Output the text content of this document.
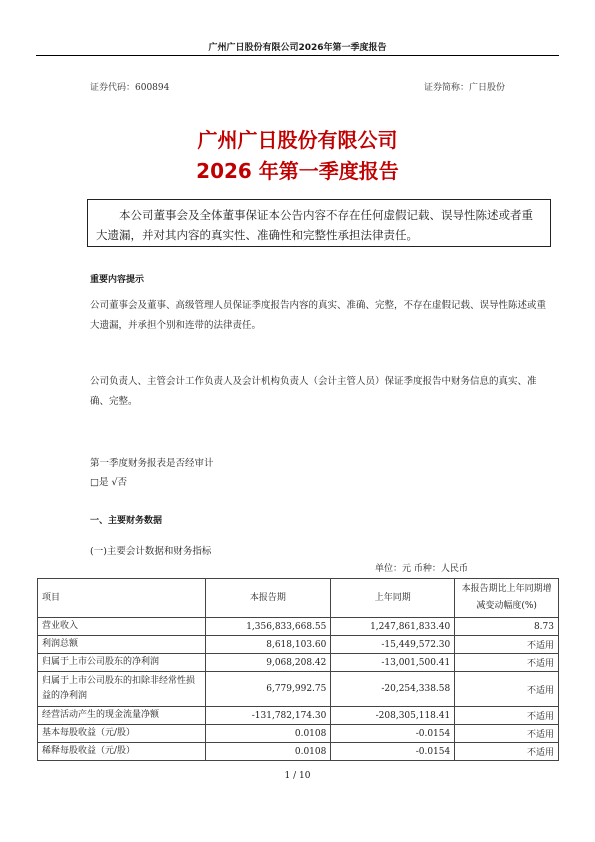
广州广日股份有限公司2026年第一季度报告
证券代码：600894	证券简称：广日股份
广州广日股份有限公司
2026 年第一季度报告
本公司董事会及全体董事保证本公告内容不存在任何虚假记载、误导性陈述或者重大遗漏，并对其内容的真实性、准确性和完整性承担法律责任。
重要内容提示
公司董事会及董事、高级管理人员保证季度报告内容的真实、准确、完整，不存在虚假记载、误导性陈述或重大遗漏，并承担个别和连带的法律责任。
公司负责人、主管会计工作负责人及会计机构负责人（会计主管人员）保证季度报告中财务信息的真实、准确、完整。
第一季度财务报表是否经审计
□是 √否
一、主要财务数据
(一)主要会计数据和财务指标
单位：元 币种：人民币
项目	本报告期	上年同期	本报告期比上年同期增减变动幅度(%)
营业收入	1,356,833,668.55	1,247,861,833.40	8.73
利润总额	8,618,103.60	-15,449,572.30	不适用
归属于上市公司股东的净利润	9,068,208.42	-13,001,500.41	不适用
归属于上市公司股东的扣除非经常性损益的净利润	6,779,992.75	-20,254,338.58	不适用
经营活动产生的现金流量净额	-131,782,174.30	-208,305,118.41	不适用
基本每股收益（元/股）	0.0108	-0.0154	不适用
稀释每股收益（元/股）	0.0108	-0.0154	不适用
1 / 10
